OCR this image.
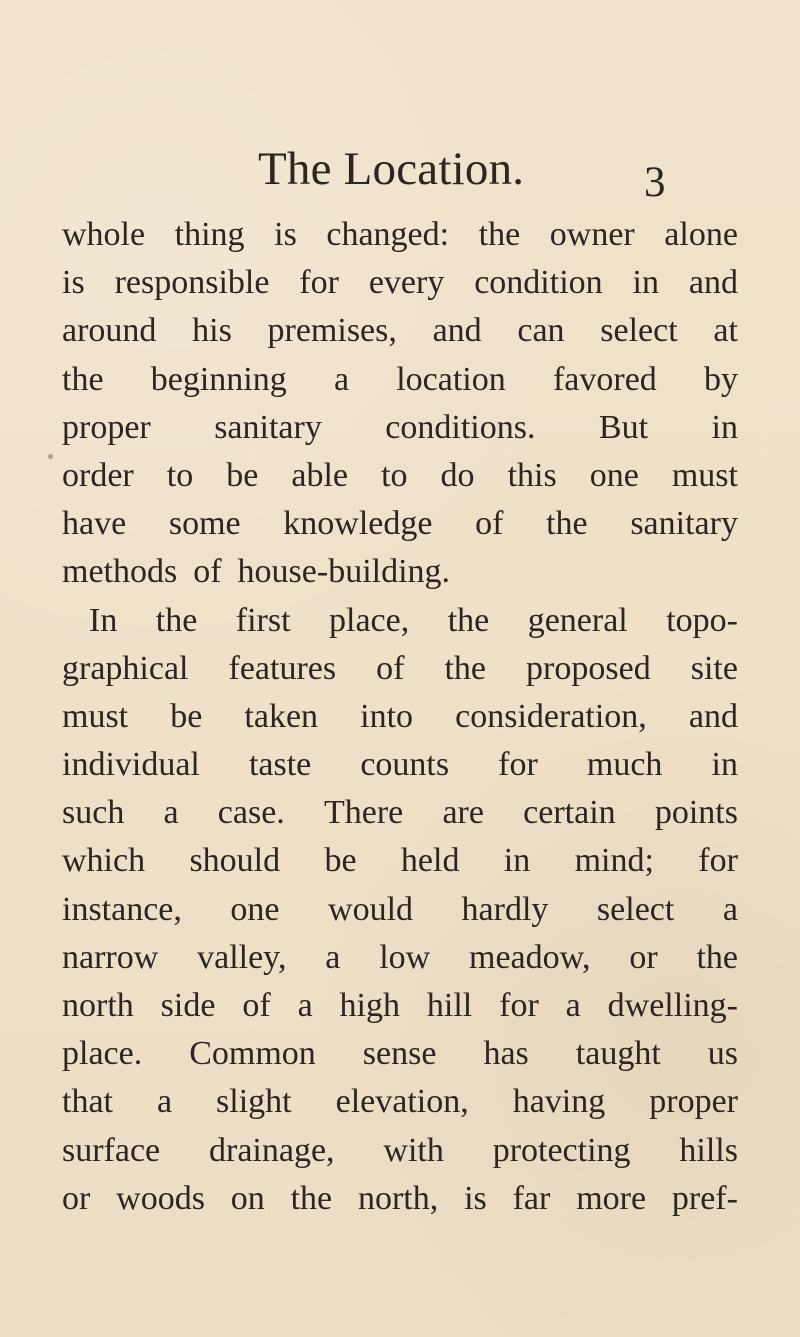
The Location.	3
whole thing is changed: the owner alone
is responsible for every condition in and
around his premises, and can select at
the beginning a location favored by
proper sanitary conditions. But in
order to be able to do this one must
have some knowledge of the sanitary
methods of house-building.
In the first place, the general topo-
graphical features of the proposed site
must be taken into consideration, and
individual taste counts for much in
such a case. There are certain points
which should be held in mind; for
instance, one would hardly select a
narrow valley, a low meadow, or the
north side of a high hill for a dwelling-
place. Common sense has taught us
that a slight elevation, having proper
surface drainage, with protecting hills
or woods on the north, is far more pref-
